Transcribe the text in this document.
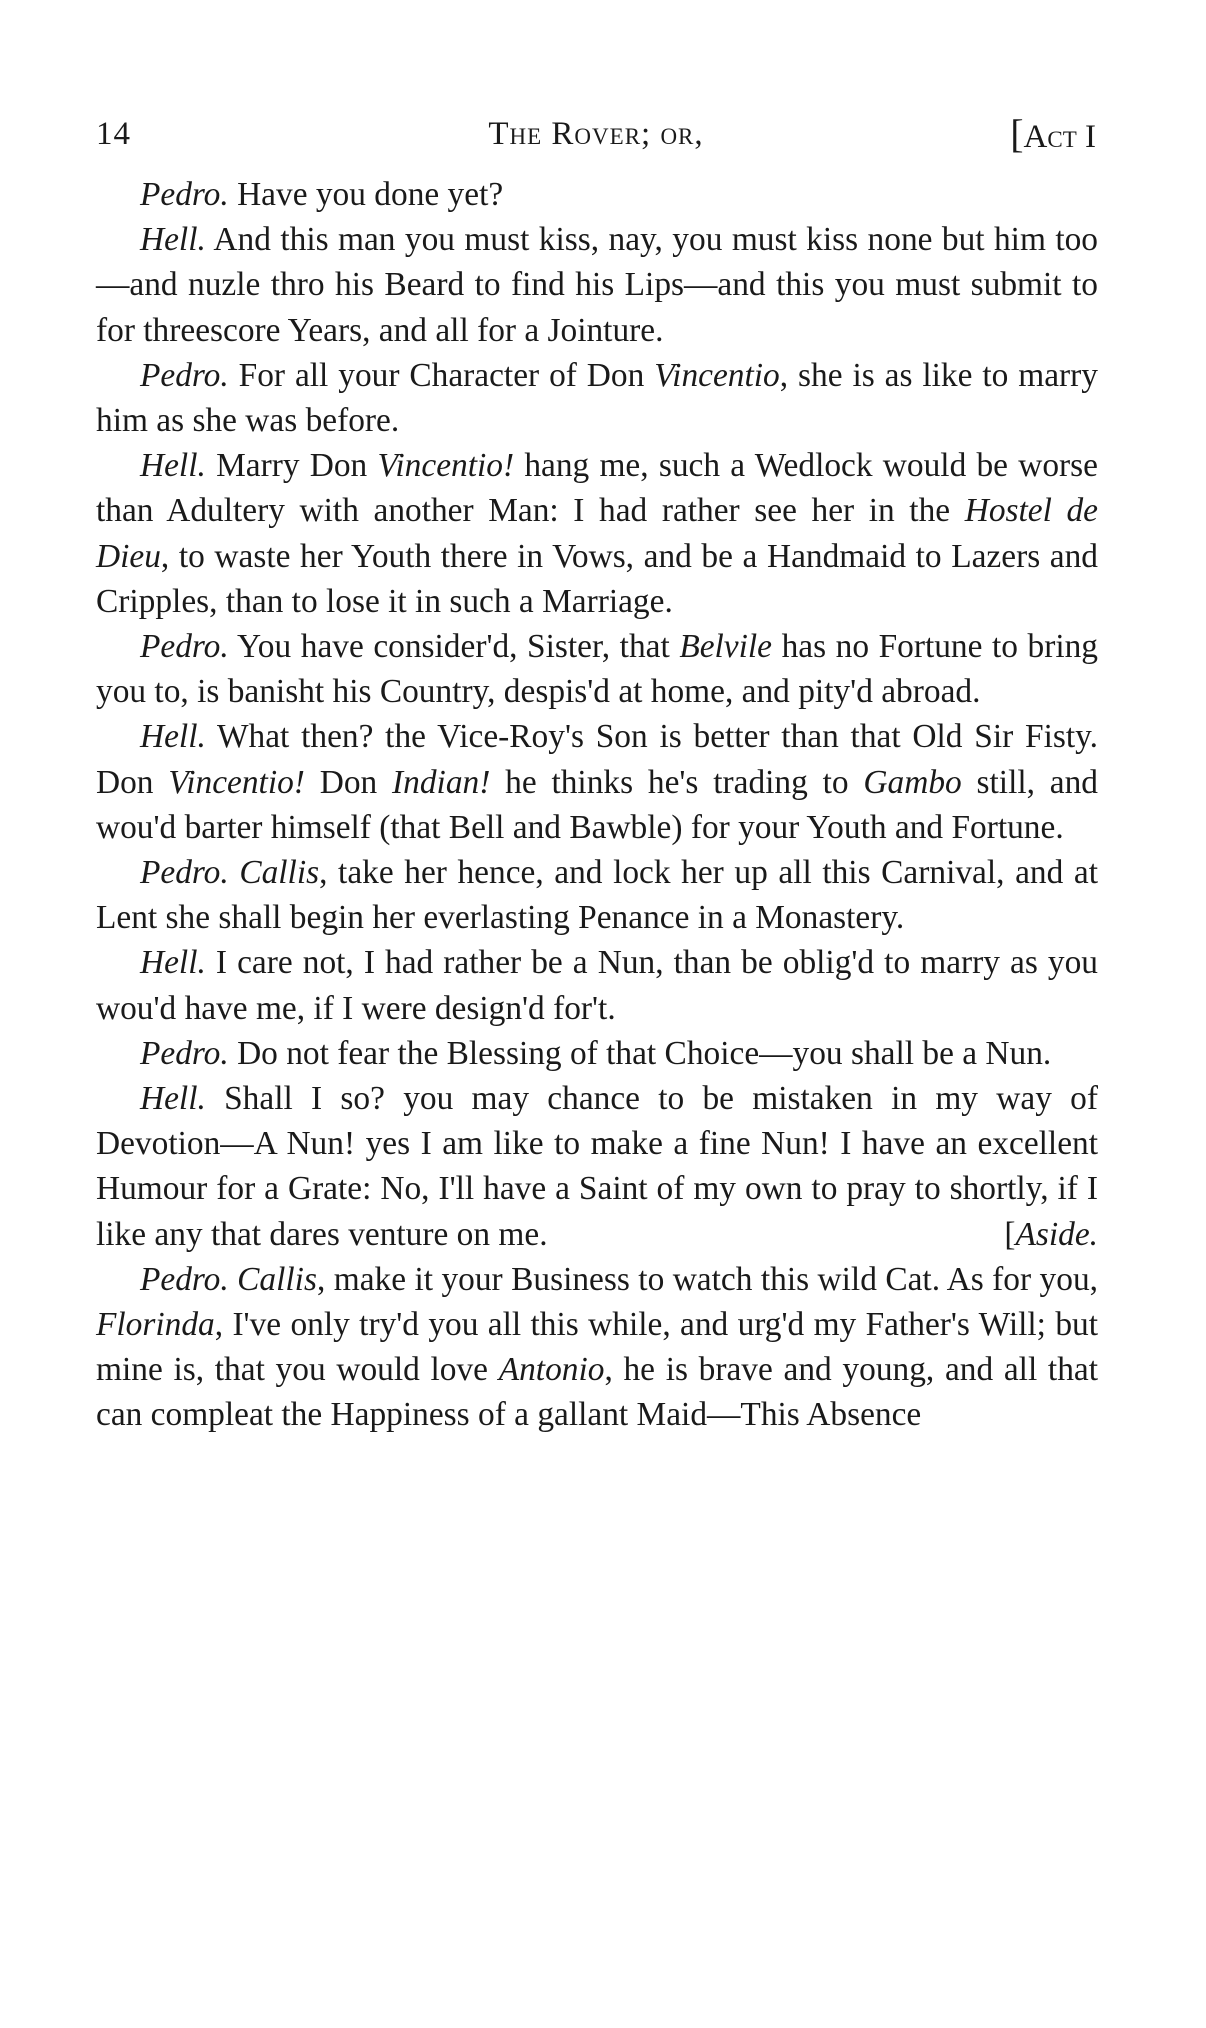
14	The Rover; or,	[Act I

Pedro. Have you done yet?

Hell. And this man you must kiss, nay, you must kiss none but him too—and nuzle thro his Beard to find his Lips—and this you must submit to for threescore Years, and all for a Jointure.

Pedro. For all your Character of Don Vincentio, she is as like to marry him as she was before.

Hell. Marry Don Vincentio! hang me, such a Wedlock would be worse than Adultery with another Man: I had rather see her in the Hostel de Dieu, to waste her Youth there in Vows, and be a Handmaid to Lazers and Cripples, than to lose it in such a Marriage.

Pedro. You have consider'd, Sister, that Belvile has no Fortune to bring you to, is banisht his Country, despis'd at home, and pity'd abroad.

Hell. What then? the Vice-Roy's Son is better than that Old Sir Fisty. Don Vincentio! Don Indian! he thinks he's trading to Gambo still, and wou'd barter himself (that Bell and Bawble) for your Youth and Fortune.

Pedro. Callis, take her hence, and lock her up all this Carnival, and at Lent she shall begin her everlasting Penance in a Monastery.

Hell. I care not, I had rather be a Nun, than be oblig'd to marry as you wou'd have me, if I were design'd for't.

Pedro. Do not fear the Blessing of that Choice—you shall be a Nun.

Hell. Shall I so? you may chance to be mistaken in my way of Devotion—A Nun! yes I am like to make a fine Nun! I have an excellent Humour for a Grate: No, I'll have a Saint of my own to pray to shortly, if I like any that dares venture on me.	[Aside.

Pedro. Callis, make it your Business to watch this wild Cat. As for you, Florinda, I've only try'd you all this while, and urg'd my Father's Will; but mine is, that you would love Antonio, he is brave and young, and all that can compleat the Happiness of a gallant Maid—This Absence
